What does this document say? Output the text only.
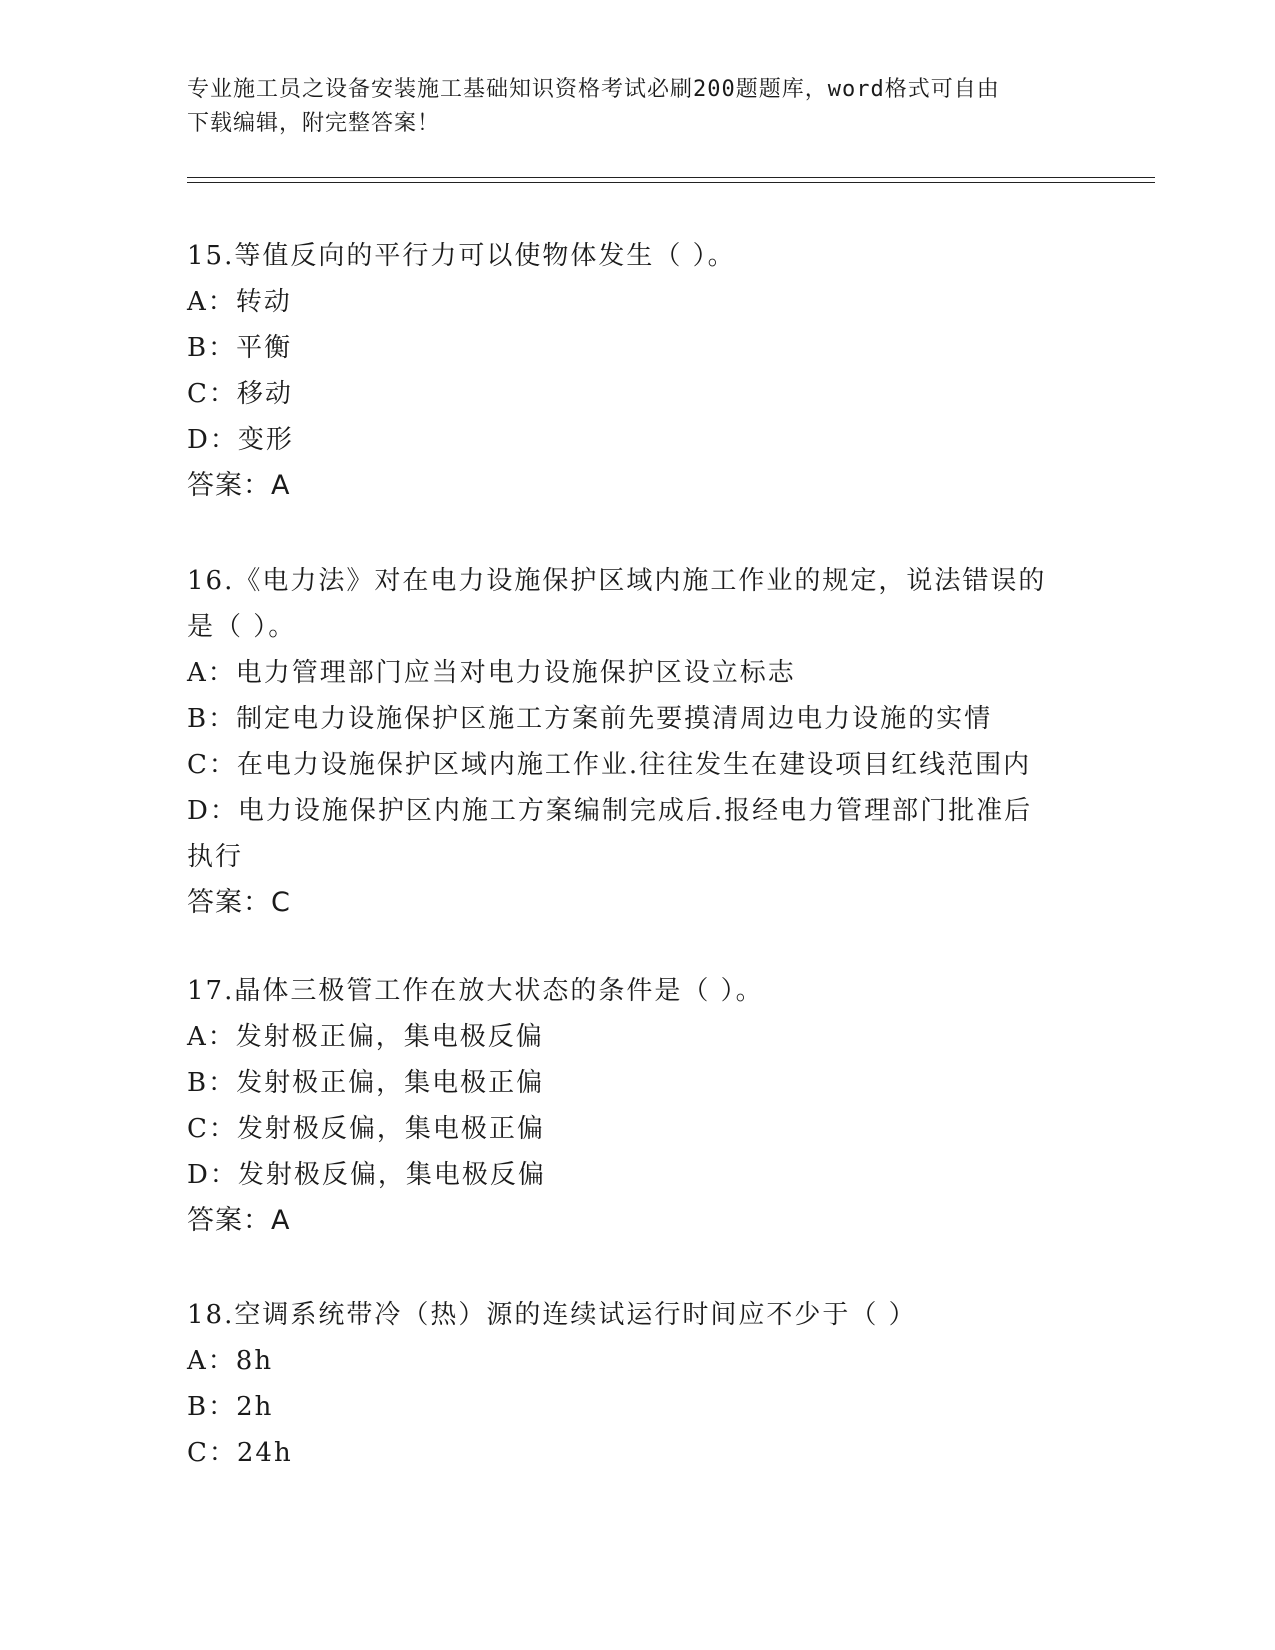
专业施工员之设备安装施工基础知识资格考试必刷200题题库，word格式可自由
下载编辑，附完整答案！
15.等值反向的平行力可以使物体发生（ ）。
A：转动
B：平衡
C：移动
D：变形
答案：A
16.《电力法》对在电力设施保护区域内施工作业的规定，说法错误的
是（ ）。
A：电力管理部门应当对电力设施保护区设立标志
B：制定电力设施保护区施工方案前先要摸清周边电力设施的实情
C：在电力设施保护区域内施工作业.往往发生在建设项目红线范围内
D：电力设施保护区内施工方案编制完成后.报经电力管理部门批准后
执行
答案：C
17.晶体三极管工作在放大状态的条件是（ ）。
A：发射极正偏，集电极反偏
B：发射极正偏，集电极正偏
C：发射极反偏，集电极正偏
D：发射极反偏，集电极反偏
答案：A
18.空调系统带冷（热）源的连续试运行时间应不少于（ ）
A：8h
B：2h
C：24h
